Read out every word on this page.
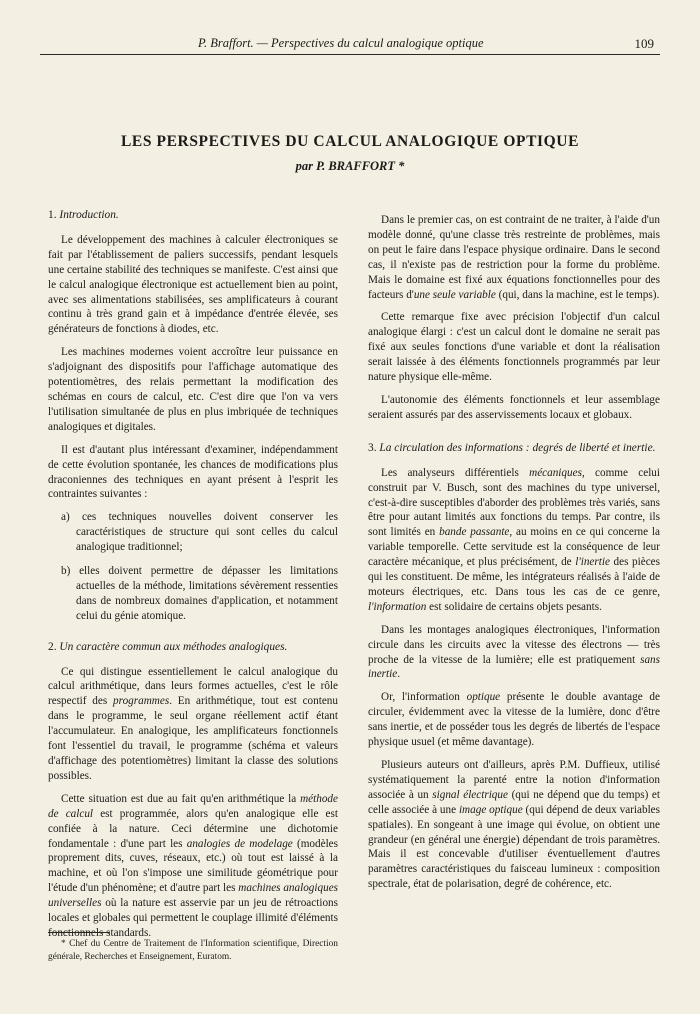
P. Braffort. — Perspectives du calcul analogique optique	109
LES PERSPECTIVES DU CALCUL ANALOGIQUE OPTIQUE
par P. BRAFFORT *
1. Introduction.

Le développement des machines à calculer électroniques se fait par l'établissement de paliers successifs, pendant lesquels une certaine stabilité des techniques se manifeste. C'est ainsi que le calcul analogique électronique est actuellement bien au point, avec ses alimentations stabilisées, ses amplificateurs à courant continu à très grand gain et à impédance d'entrée élevée, ses générateurs de fonctions à diodes, etc.

Les machines modernes voient accroître leur puissance en s'adjoignant des dispositifs pour l'affichage automatique des potentiomètres, des relais permettant la modification des schémas en cours de calcul, etc. C'est dire que l'on va vers l'utilisation simultanée de plus en plus imbriquée de techniques analogiques et digitales.

Il est d'autant plus intéressant d'examiner, indépendamment de cette évolution spontanée, les chances de modifications plus draconiennes des techniques en ayant présent à l'esprit les contraintes suivantes :

a) ces techniques nouvelles doivent conserver les caractéristiques de structure qui sont celles du calcul analogique traditionnel;
b) elles doivent permettre de dépasser les limitations actuelles de la méthode, limitations sévèrement ressenties dans de nombreux domaines d'application, et notamment celui du génie atomique.
2. Un caractère commun aux méthodes analogiques.

Ce qui distingue essentiellement le calcul analogique du calcul arithmétique, dans leurs formes actuelles, c'est le rôle respectif des programmes. En arithmétique, tout est contenu dans le programme, le seul organe réellement actif étant l'accumulateur. En analogique, les amplificateurs fonctionnels font l'essentiel du travail, le programme (schéma et valeurs d'affichage des potentiomètres) limitant la classe des solutions possibles.

Cette situation est due au fait qu'en arithmétique la méthode de calcul est programmée, alors qu'en analogique elle est confiée à la nature. Ceci détermine une dichotomie fondamentale : d'une part les analogies de modelage (modèles proprement dits, cuves, réseaux, etc.) où tout est laissé à la machine, et où l'on s'impose une similitude géométrique pour l'étude d'un phénomène; et d'autre part les machines analogiques universelles où la nature est asservie par un jeu de rétroactions locales et globales qui permettent le couplage illimité d'éléments fonctionnels standards.

Dans le premier cas, on est contraint de ne traiter, à l'aide d'un modèle donné, qu'une classe très restreinte de problèmes, mais on peut le faire dans l'espace physique ordinaire. Dans le second cas, il n'existe pas de restriction pour la forme du problème. Mais le domaine est fixé aux équations fonctionnelles pour des facteurs d'une seule variable (qui, dans la machine, est le temps).

Cette remarque fixe avec précision l'objectif d'un calcul analogique élargi : c'est un calcul dont le domaine ne serait pas fixé aux seules fonctions d'une variable et dont la réalisation serait laissée à des éléments fonctionnels programmés par leur nature physique elle-même.

L'autonomie des éléments fonctionnels et leur assemblage seraient assurés par des asservissements locaux et globaux.

3. La circulation des informations : degrés de liberté et inertie.

Les analyseurs différentiels mécaniques, comme celui construit par V. Busch, sont des machines du type universel, c'est-à-dire susceptibles d'aborder des problèmes très variés, sans être pour autant limités aux fonctions du temps. Par contre, ils sont limités en bande passante, au moins en ce qui concerne la variable temporelle. Cette servitude est la conséquence de leur caractère mécanique, et plus précisément, de l'inertie des pièces qui les constituent. De même, les intégrateurs réalisés à l'aide de moteurs électriques, etc. Dans tous les cas de ce genre, l'information est solidaire de certains objets pesants.

Dans les montages analogiques électroniques, l'information circule dans les circuits avec la vitesse des électrons — très proche de la vitesse de la lumière; elle est pratiquement sans inertie.

Or, l'information optique présente le double avantage de circuler, évidemment avec la vitesse de la lumière, donc d'être sans inertie, et de posséder tous les degrés de libertés de l'espace physique usuel (et même davantage).

Plusieurs auteurs ont d'ailleurs, après P.M. Duffieux, utilisé systématiquement la parenté entre la notion d'information associée à un signal électrique (qui ne dépend que du temps) et celle associée à une image optique (qui dépend de deux variables spatiales). En songeant à une image qui évolue, on obtient une grandeur (en général une énergie) dépendant de trois paramètres. Mais il est concevable d'utiliser éventuellement d'autres paramètres caractéristiques du faisceau lumineux : composition spectrale, état de polarisation, degré de cohérence, etc.

* Chef du Centre de Traitement de l'Information scientifique, Direction générale, Recherches et Enseignement, Euratom.
